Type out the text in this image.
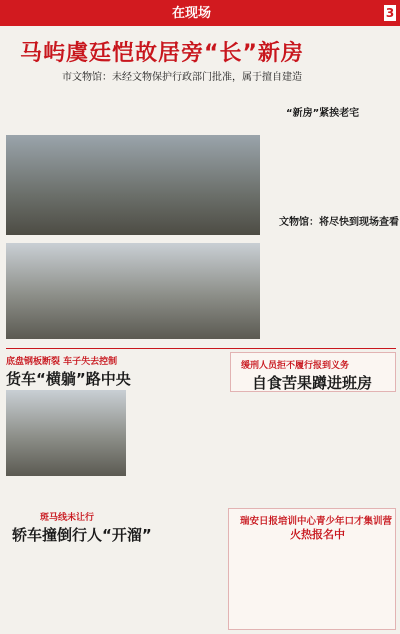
在现场	3
马屿虞廷恺故居旁“长”新房
市文物馆：未经文物保护行政部门批准，属于擅自建造
“新房”紧挨老宅
文物馆：将尽快到现场查看
底盘钢板断裂 车子失去控制
货车“横躺”路中央
缓刑人员拒不履行报到义务
自食苦果蹲进班房
斑马线未让行
轿车撞倒行人“开溜”
瑞安日报培训中心青少年口才集训营
火热报名中
